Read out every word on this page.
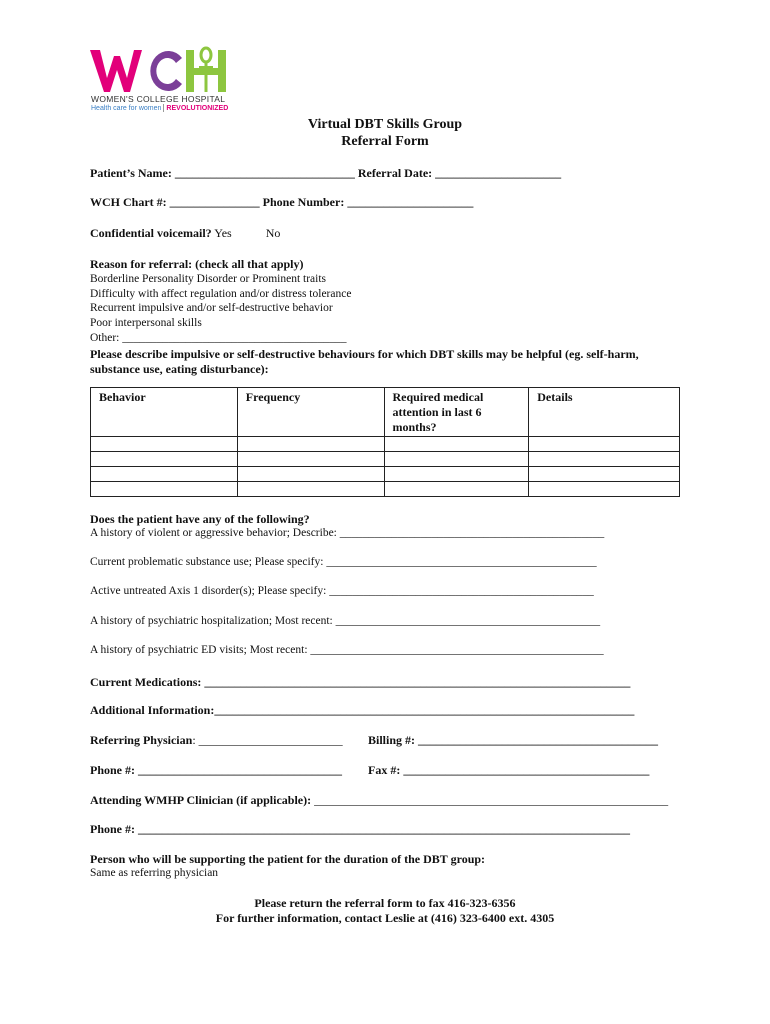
WOMEN'S COLLEGE HOSPITAL
Health care for women REVOLUTIONIZED
Virtual DBT Skills Group
Referral Form
Patient’s Name: ______________________________ Referral Date: _____________________
WCH Chart #: _______________ Phone Number: _____________________
Confidential voicemail? Yes	No
Reason for referral: (check all that apply)
Borderline Personality Disorder or Prominent traits
Difficulty with affect regulation and/or distress tolerance
Recurrent impulsive and/or self-destructive behavior
Poor interpersonal skills
Other: _______________________________________
Please describe impulsive or self-destructive behaviours for which DBT skills may be helpful (eg. self-harm,
substance use, eating disturbance):
Behavior	Frequency	Required medical attention in last 6 months?	Details

Does the patient have any of the following?
A history of violent or aggressive behavior; Describe: ______________________________________________
Current problematic substance use; Please specify: _______________________________________________
Active untreated Axis 1 disorder(s); Please specify: ______________________________________________
A history of psychiatric hospitalization; Most recent: ______________________________________________
A history of psychiatric ED visits; Most recent: ___________________________________________________
Current Medications: _______________________________________________________________________
Additional Information:______________________________________________________________________
Referring Physician: ________________________ Billing #: ________________________________________
Phone #: __________________________________ Fax #: _________________________________________
Attending WMHP Clinician (if applicable): ___________________________________________________________
Phone #: __________________________________________________________________________________
Person who will be supporting the patient for the duration of the DBT group:
Same as referring physician
Please return the referral form to fax 416-323-6356
For further information, contact Leslie at (416) 323-6400 ext. 4305
